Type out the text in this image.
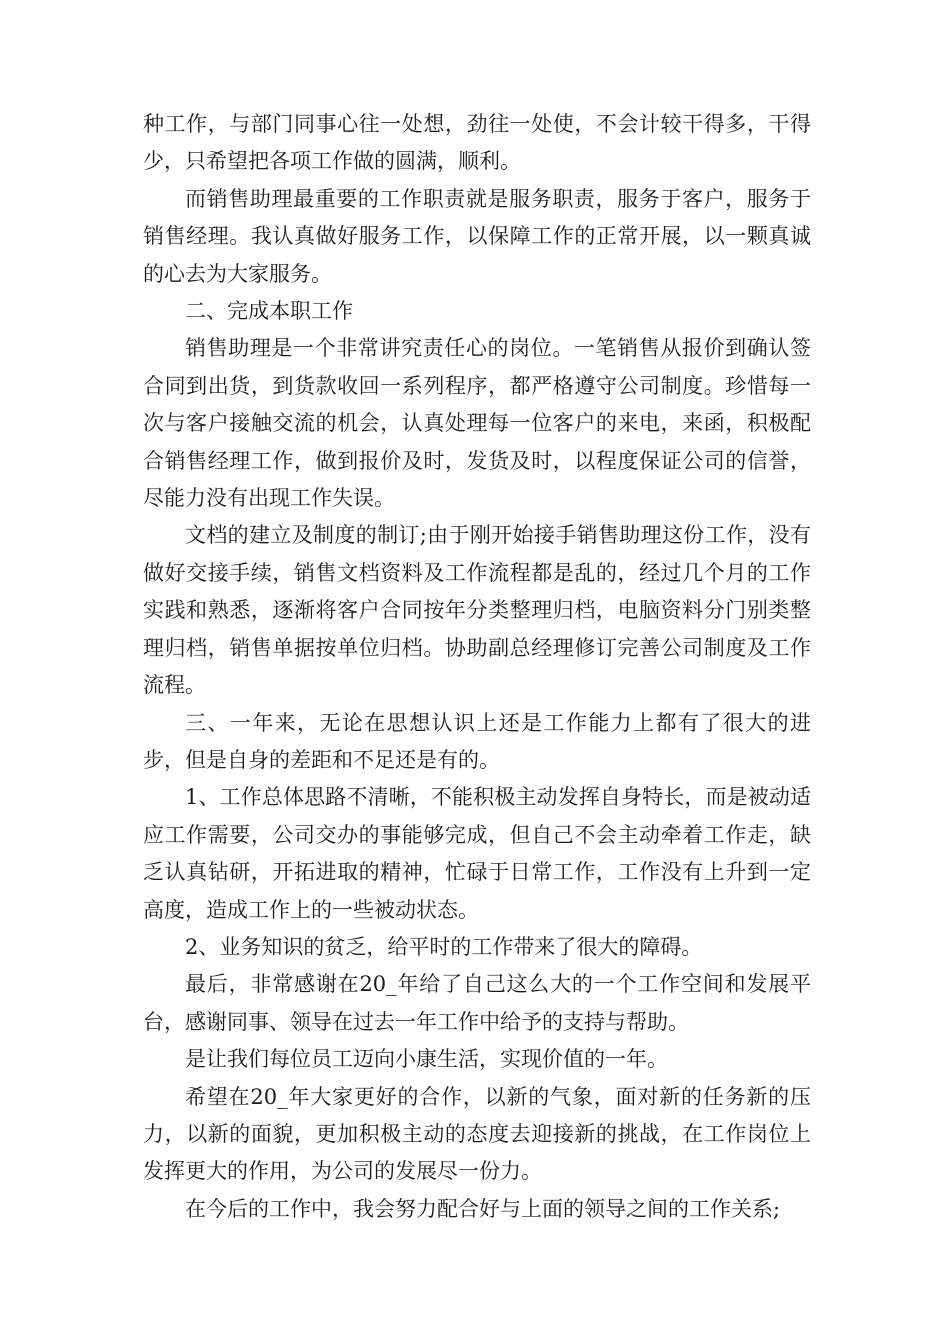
种工作，与部门同事心往一处想，劲往一处使，不会计较干得多，干得少，只希望把各项工作做的圆满，顺利。

而销售助理最重要的工作职责就是服务职责，服务于客户，服务于销售经理。我认真做好服务工作，以保障工作的正常开展，以一颗真诚的心去为大家服务。

二、完成本职工作

销售助理是一个非常讲究责任心的岗位。一笔销售从报价到确认签合同到出货，到货款收回一系列程序，都严格遵守公司制度。珍惜每一次与客户接触交流的机会，认真处理每一位客户的来电，来函，积极配合销售经理工作，做到报价及时，发货及时，以程度保证公司的信誉，尽能力没有出现工作失误。

文档的建立及制度的制订;由于刚开始接手销售助理这份工作，没有做好交接手续，销售文档资料及工作流程都是乱的，经过几个月的工作实践和熟悉，逐渐将客户合同按年分类整理归档，电脑资料分门别类整理归档，销售单据按单位归档。协助副总经理修订完善公司制度及工作流程。

三、一年来，无论在思想认识上还是工作能力上都有了很大的进步，但是自身的差距和不足还是有的。

1、工作总体思路不清晰，不能积极主动发挥自身特长，而是被动适应工作需要，公司交办的事能够完成，但自己不会主动牵着工作走，缺乏认真钻研，开拓进取的精神，忙碌于日常工作，工作没有上升到一定高度，造成工作上的一些被动状态。

2、业务知识的贫乏，给平时的工作带来了很大的障碍。

最后，非常感谢在20_年给了自己这么大的一个工作空间和发展平台，感谢同事、领导在过去一年工作中给予的支持与帮助。

是让我们每位员工迈向小康生活，实现价值的一年。

希望在20_年大家更好的合作，以新的气象，面对新的任务新的压力，以新的面貌，更加积极主动的态度去迎接新的挑战，在工作岗位上发挥更大的作用，为公司的发展尽一份力。

在今后的工作中，我会努力配合好与上面的领导之间的工作关系;
